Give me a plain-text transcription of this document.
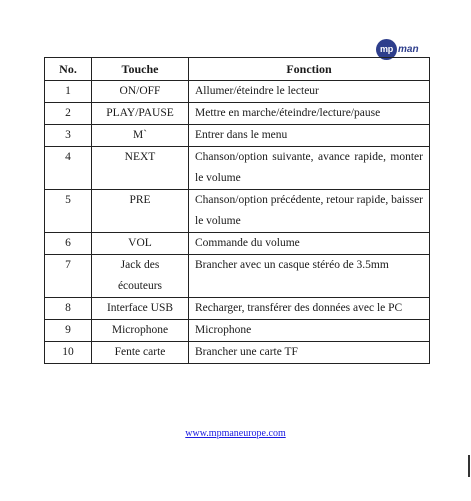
mp man
No.	Touche	Fonction
1	ON/OFF	Allumer/éteindre le lecteur
2	PLAY/PAUSE	Mettre en marche/éteindre/lecture/pause
3	M`	Entrer dans le menu
4	NEXT	Chanson/option suivante, avance rapide, monter le volume
5	PRE	Chanson/option précédente, retour rapide, baisser le volume
6	VOL	Commande du volume
7	Jack des écouteurs	Brancher avec un casque stéréo de 3.5mm
8	Interface USB	Recharger, transférer des données avec le PC
9	Microphone	Microphone
10	Fente carte	Brancher une carte TF
www.mpmaneurope.com
